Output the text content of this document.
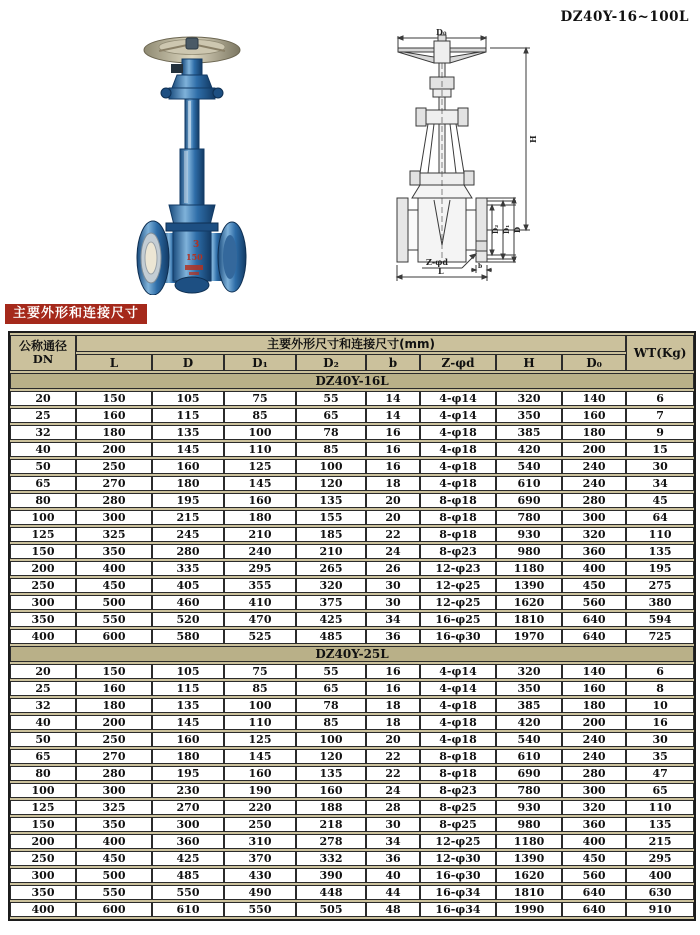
DZ40Y-16~100L
3
150
D₀
H
D₂ D₁ D
Z-φd
L	b
主要外形和连接尺寸
公称通径
DN	主要外形尺寸和连接尺寸(mm)								WT(Kg)
	L	D	D₁	D₂	b	Z-φd	H	D₀	
DZ40Y-16L									
20	150	105	75	55	14	4-φ14	320	140	6
25	160	115	85	65	14	4-φ14	350	160	7
32	180	135	100	78	16	4-φ18	385	180	9
40	200	145	110	85	16	4-φ18	420	200	15
50	250	160	125	100	16	4-φ18	540	240	30
65	270	180	145	120	18	4-φ18	610	240	34
80	280	195	160	135	20	8-φ18	690	280	45
100	300	215	180	155	20	8-φ18	780	300	64
125	325	245	210	185	22	8-φ18	930	320	110
150	350	280	240	210	24	8-φ23	980	360	135
200	400	335	295	265	26	12-φ23	1180	400	195
250	450	405	355	320	30	12-φ25	1390	450	275
300	500	460	410	375	30	12-φ25	1620	560	380
350	550	520	470	425	34	16-φ25	1810	640	594
400	600	580	525	485	36	16-φ30	1970	640	725
DZ40Y-25L									
20	150	105	75	55	16	4-φ14	320	140	6
25	160	115	85	65	16	4-φ14	350	160	8
32	180	135	100	78	18	4-φ18	385	180	10
40	200	145	110	85	18	4-φ18	420	200	16
50	250	160	125	100	20	4-φ18	540	240	30
65	270	180	145	120	22	8-φ18	610	240	35
80	280	195	160	135	22	8-φ18	690	280	47
100	300	230	190	160	24	8-φ23	780	300	65
125	325	270	220	188	28	8-φ25	930	320	110
150	350	300	250	218	30	8-φ25	980	360	135
200	400	360	310	278	34	12-φ25	1180	400	215
250	450	425	370	332	36	12-φ30	1390	450	295
300	500	485	430	390	40	16-φ30	1620	560	400
350	550	550	490	448	44	16-φ34	1810	640	630
400	600	610	550	505	48	16-φ34	1990	640	910
